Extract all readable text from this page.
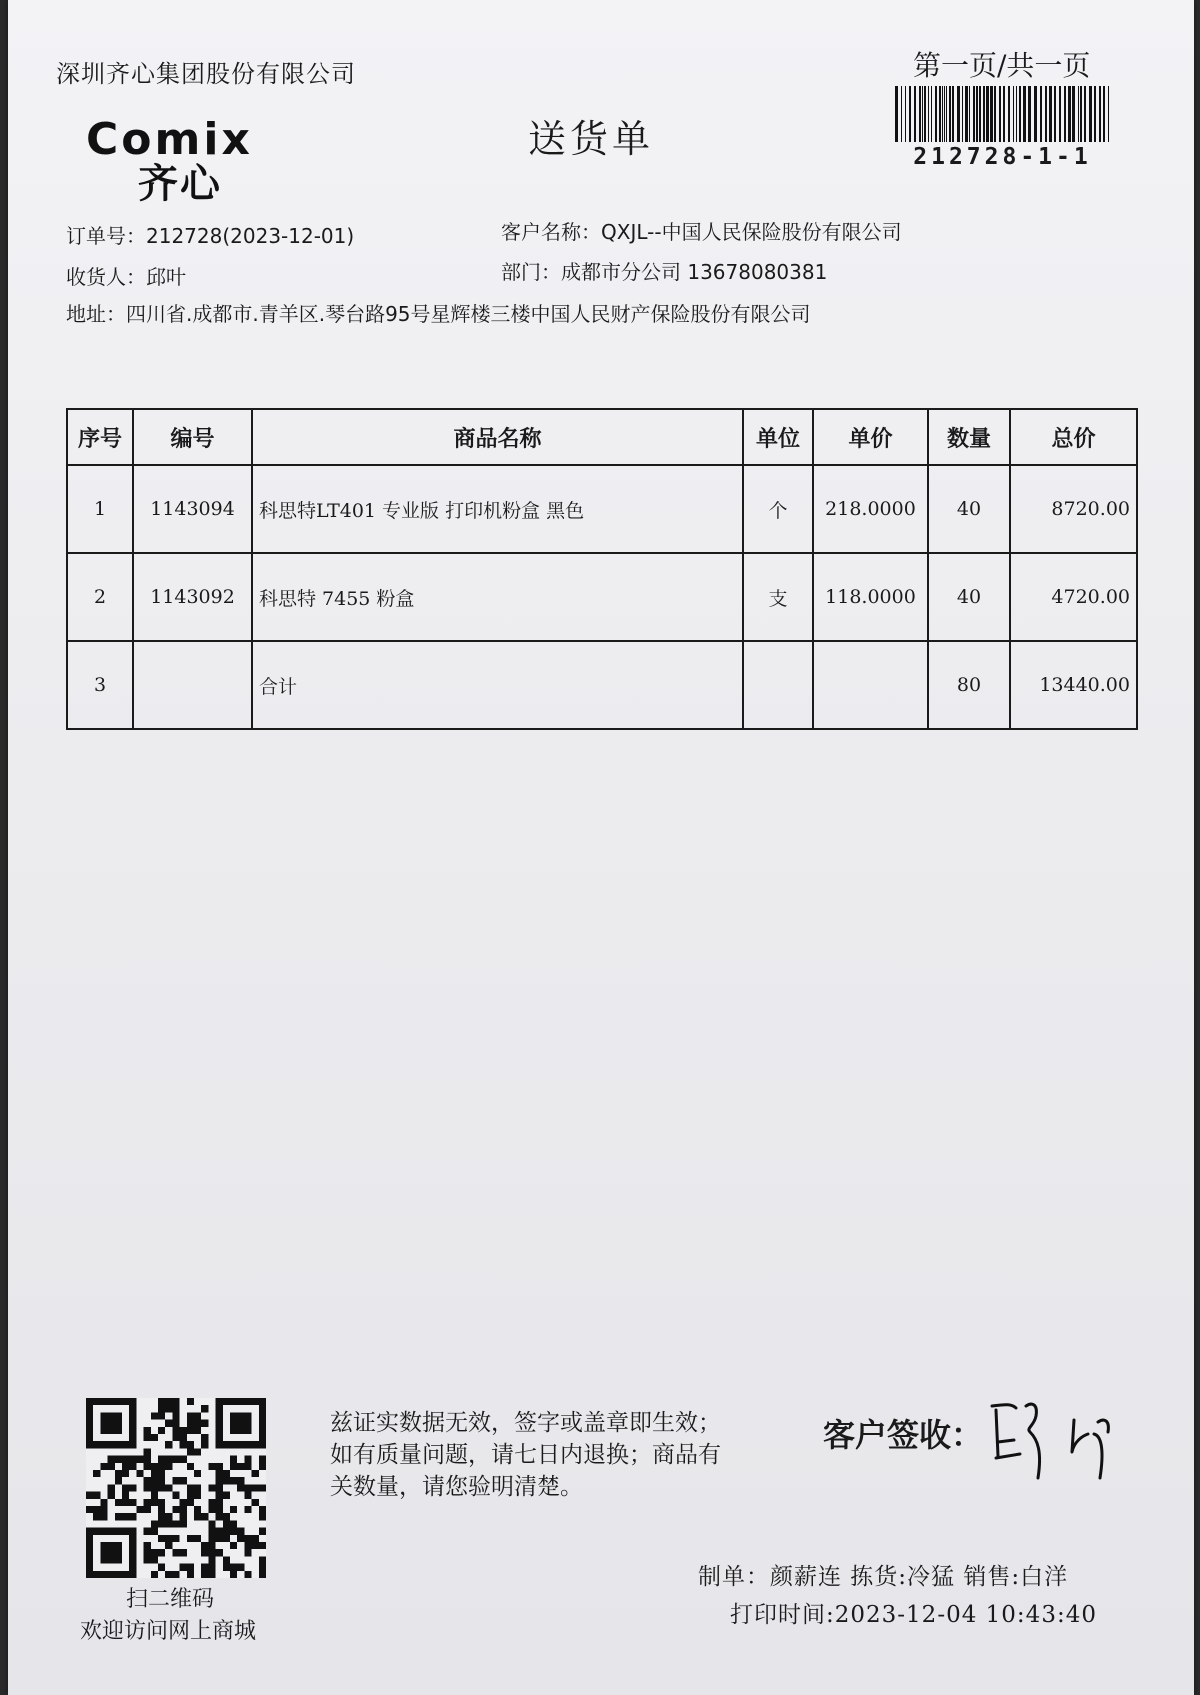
深圳齐心集团股份有限公司
Comix
齐心
送货单
第一页/共一页
212728-1-1
订单号：212728(2023-12-01)
收货人：邱叶
地址：四川省.成都市.青羊区.琴台路95号星辉楼三楼中国人民财产保险股份有限公司
客户名称：QXJL--中国人民保险股份有限公司
部门：成都市分公司 13678080381
序号	编号	商品名称	单位	单价	数量	总价
1	1143094	科思特LT401 专业版 打印机粉盒 黑色	个	218.0000	40	8720.00
2	1143092	科思特 7455 粉盒	支	118.0000	40	4720.00
3		合计			80	13440.00
扫二维码
欢迎访问网上商城
兹证实数据无效，签字或盖章即生效；如有质量问题，请七日内退换；商品有关数量，请您验明清楚。
客户签收：
制单：颜薪连 拣货:冷猛 销售:白洋
打印时间:2023-12-04 10:43:40
